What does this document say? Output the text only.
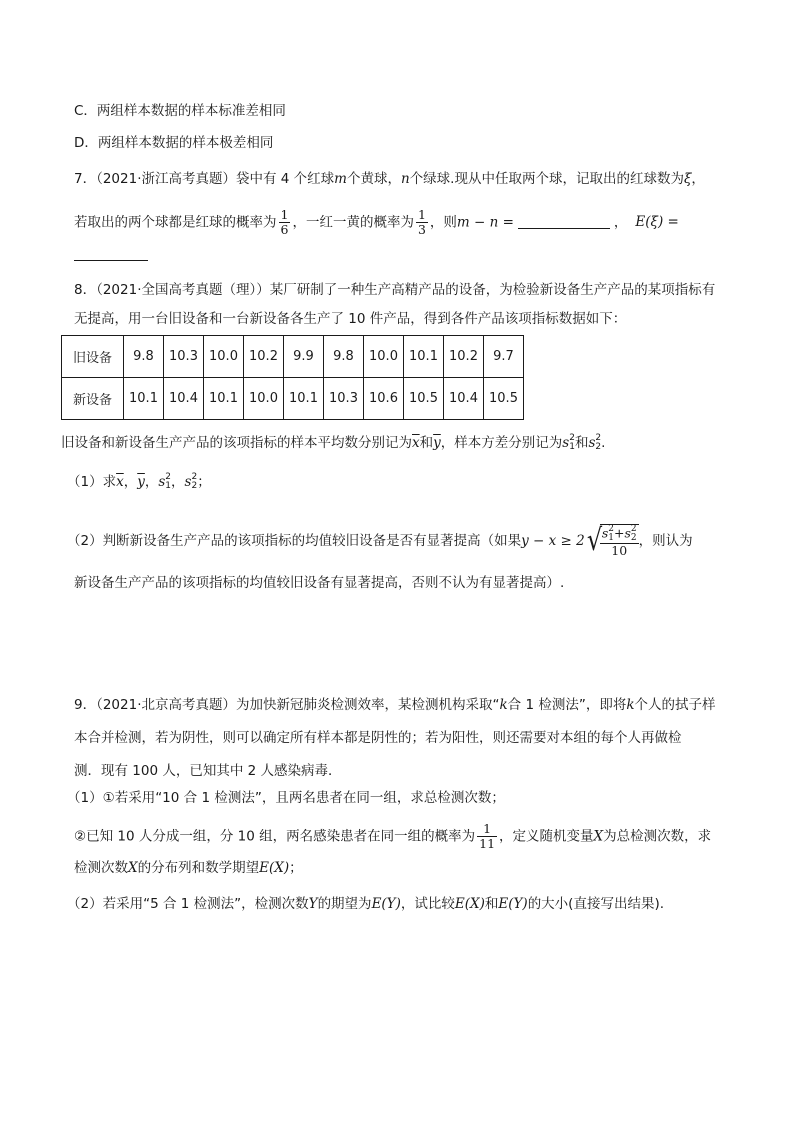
C．两组样本数据的样本标准差相同
D．两组样本数据的样本极差相同
7．（2021·浙江高考真题）袋中有 4 个红球m个黄球，n个绿球.现从中任取两个球，记取出的红球数为ξ，
若取出的两个球都是红球的概率为 $\frac{1}{6}$ ，一红一黄的概率为 $\frac{1}{3}$ ，则m − n =	， E(ξ) =
8．（2021·全国高考真题（理））某厂研制了一种生产高精产品的设备，为检验新设备生产产品的某项指标有
无提高，用一台旧设备和一台新设备各生产了 10 件产品，得到各件产品该项指标数据如下：
旧设备	9.8	10.3	10.0	10.2	9.9	9.8	10.0	10.1	10.2	9.7
新设备	10.1	10.4	10.1	10.0	10.1	10.3	10.6	10.5	10.4	10.5
旧设备和新设备生产产品的该项指标的样本平均数分别记为$\overline{x}$和$\overline{y}$，样本方差分别记为s 2
1 和s 2
2 .
（1）求$\overline{x}$，$\overline{y}$，s 2
1 ，s 2
2 ；
（2）判断新设备生产产品的该项指标的均值较旧设备是否有显著提高（如果y − x ≥ 2√
s 2
1 +s 2
2
10 ，则认为
新设备生产产品的该项指标的均值较旧设备有显著提高，否则不认为有显著提高）.
9．（2021·北京高考真题）为加快新冠肺炎检测效率，某检测机构采取“k合 1 检测法”，即将k个人的拭子样
本合并检测，若为阴性，则可以确定所有样本都是阴性的；若为阳性，则还需要对本组的每个人再做检
测．现有 100 人，已知其中 2 人感染病毒．
（1）①若采用“10 合 1 检测法”，且两名患者在同一组，求总检测次数；
②已知 10 人分成一组，分 10 组，两名感染患者在同一组的概率为 $\frac{1}{11}$ ，定义随机变量X为总检测次数，求
检测次数X的分布列和数学期望E(X)；
（2）若采用“5 合 1 检测法”，检测次数Y的期望为E(Y)，试比较E(X)和E(Y)的大小(直接写出结果).
